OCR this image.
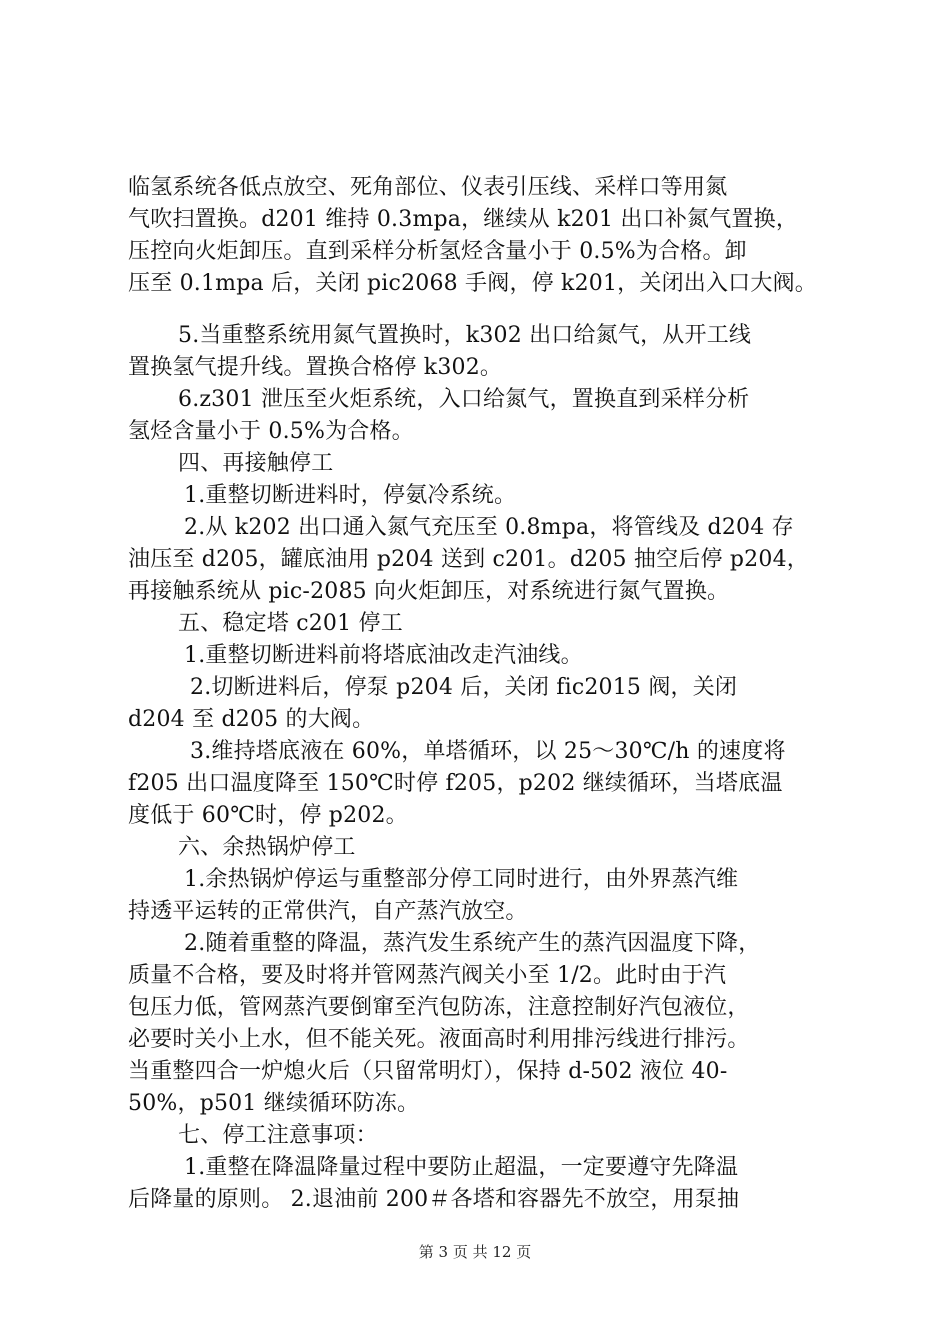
临氢系统各低点放空、死角部位、仪表引压线、采样口等用氮
气吹扫置换。d201 维持 0.3mpa，继续从 k201 出口补氮气置换，
压控向火炬卸压。直到采样分析氢烃含量小于 0.5%为合格。卸
压至 0.1mpa 后，关闭 pic2068 手阀，停 k201，关闭出入口大阀。
5.当重整系统用氮气置换时，k302 出口给氮气，从开工线
置换氢气提升线。置换合格停 k302。
6.z301 泄压至火炬系统，入口给氮气，置换直到采样分析
氢烃含量小于 0.5%为合格。
四、再接触停工
1.重整切断进料时，停氨冷系统。
2.从 k202 出口通入氮气充压至 0.8mpa，将管线及 d204 存
油压至 d205，罐底油用 p204 送到 c201。d205 抽空后停 p204，
再接触系统从 pic-2085 向火炬卸压，对系统进行氮气置换。
五、稳定塔 c201 停工
1.重整切断进料前将塔底油改走汽油线。
2.切断进料后，停泵 p204 后，关闭 fic2015 阀，关闭
d204 至 d205 的大阀。
3.维持塔底液在 60%，单塔循环，以 25～30℃/h 的速度将
f205 出口温度降至 150℃时停 f205，p202 继续循环，当塔底温
度低于 60℃时，停 p202。
六、余热锅炉停工
1.余热锅炉停运与重整部分停工同时进行，由外界蒸汽维
持透平运转的正常供汽，自产蒸汽放空。
2.随着重整的降温，蒸汽发生系统产生的蒸汽因温度下降，
质量不合格，要及时将并管网蒸汽阀关小至 1/2。此时由于汽
包压力低，管网蒸汽要倒窜至汽包防冻，注意控制好汽包液位，
必要时关小上水，但不能关死。液面高时利用排污线进行排污。
当重整四合一炉熄火后（只留常明灯），保持 d-502 液位 40-
50%，p501 继续循环防冻。
七、停工注意事项：
1.重整在降温降量过程中要防止超温，一定要遵守先降温
后降量的原则。 2.退油前 200＃各塔和容器先不放空，用泵抽
第 3 页 共 12 页
